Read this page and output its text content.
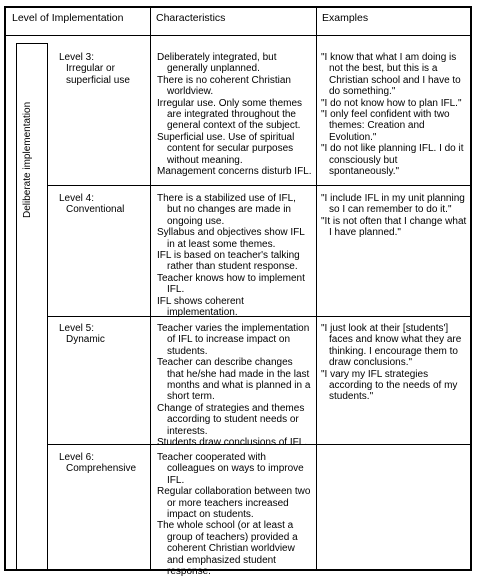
Level of Implementation	Characteristics	Examples
Deliberate implementation
Level 3:
Irregular or superficial use
Deliberately integrated, but generally unplanned.
There is no coherent Christian worldview.
Irregular use. Only some themes are integrated throughout the general context of the subject.
Superficial use. Use of spiritual content for secular purposes without meaning.
Management concerns disturb IFL.
"I know that what I am doing is not the best, but this is a Christian school and I have to do something."
"I do not know how to plan IFL."
"I only feel confident with two themes: Creation and Evolution."
"I do not like planning IFL. I do it consciously but spontaneously."
Level 4:
Conventional
There is a stabilized use of IFL, but no changes are made in ongoing use.
Syllabus and objectives show IFL in at least some themes.
IFL is based on teacher's talking rather than student response.
Teacher knows how to implement IFL.
IFL shows coherent implementation.
"I include IFL in my unit planning so I can remember to do it."
"It is not often that I change what I have planned."
Level 5:
Dynamic
Teacher varies the implementation of IFL to increase impact on students.
Teacher can describe changes that he/she had made in the last months and what is planned in a short term.
Change of strategies and themes according to student needs or interests.
Students draw conclusions of IFL.
"I just look at their [students'] faces and know what they are thinking. I encourage them to draw conclusions."
"I vary my IFL strategies according to the needs of my students."
Level 6:
Comprehensive
Teacher cooperated with colleagues on ways to improve IFL.
Regular collaboration between two or more teachers increased impact on students.
The whole school (or at least a group of teachers) provided a coherent Christian worldview and emphasized student response.
